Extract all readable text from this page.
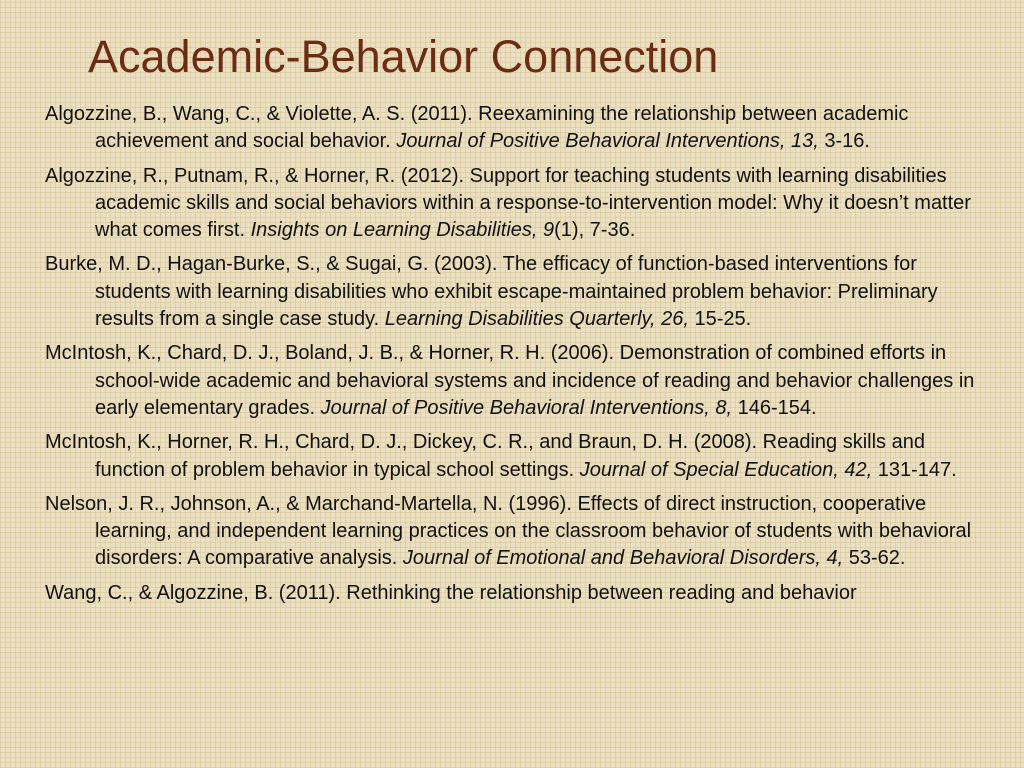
Academic-Behavior Connection

Algozzine, B., Wang, C., & Violette, A. S. (2011). Reexamining the relationship between academic achievement and social behavior. Journal of Positive Behavioral Interventions, 13, 3-16.

Algozzine, R., Putnam, R., & Horner, R. (2012). Support for teaching students with learning disabilities academic skills and social behaviors within a response-to-intervention model: Why it doesn’t matter what comes first. Insights on Learning Disabilities, 9(1), 7-36.

Burke, M. D., Hagan-Burke, S., & Sugai, G. (2003). The efficacy of function-based interventions for students with learning disabilities who exhibit escape-maintained problem behavior: Preliminary results from a single case study. Learning Disabilities Quarterly, 26, 15-25.

McIntosh, K., Chard, D. J., Boland, J. B., & Horner, R. H. (2006). Demonstration of combined efforts in school-wide academic and behavioral systems and incidence of reading and behavior challenges in early elementary grades. Journal of Positive Behavioral Interventions, 8, 146-154.

McIntosh, K., Horner, R. H., Chard, D. J., Dickey, C. R., and Braun, D. H. (2008). Reading skills and function of problem behavior in typical school settings. Journal of Special Education, 42, 131-147.

Nelson, J. R., Johnson, A., & Marchand-Martella, N. (1996). Effects of direct instruction, cooperative learning, and independent learning practices on the classroom behavior of students with behavioral disorders: A comparative analysis. Journal of Emotional and Behavioral Disorders, 4, 53-62.

Wang, C., & Algozzine, B. (2011). Rethinking the relationship between reading and behavior
